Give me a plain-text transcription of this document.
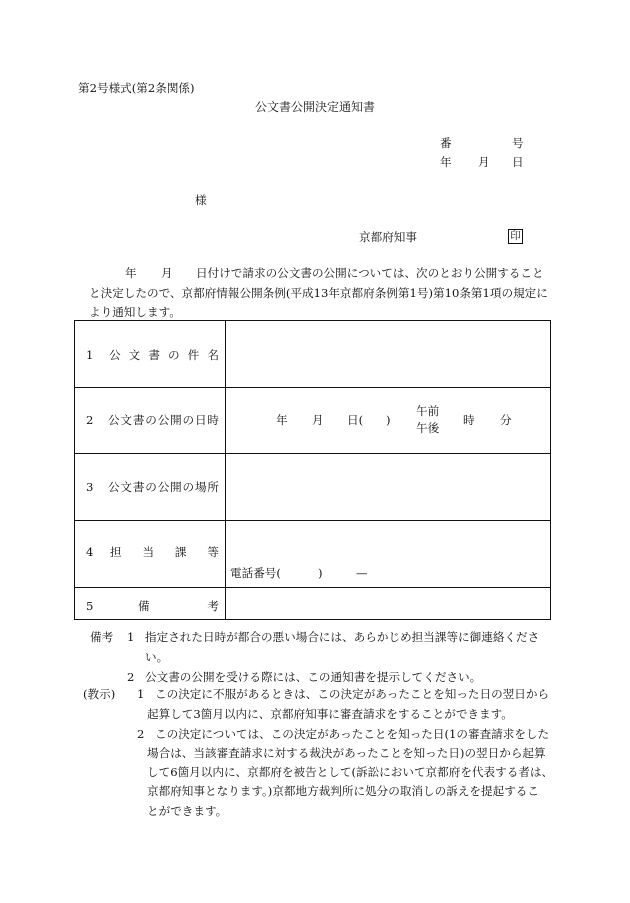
第2号様式(第2条関係)
公文書公開決定通知書
番	号
年 月 日
様
京都府知事	印
年 月 日付けで請求の公文書の公開については、次のとおり公開すること
と決定したので、京都府情報公開条例(平成13年京都府条例第1号)第10条第1項の規定に
より通知します。
1 公 文 書 の 件 名
2 公 文 書 の 公 開 の 日 時	年 月 日( )
午前
午後
時 分
3 公 文 書 の 公 開 の 場 所
4 担 当 課 等
電話番号(	)	—
5	備	考
備考 1 指定された日時が都合の悪い場合には、あらかじめ担当課等に御連絡くださ
い。
2 公文書の公開を受ける際には、この通知書を提示してください。
(教示) 1 この決定に不服があるときは、この決定があったことを知った日の翌日から
起算して3箇月以内に、京都府知事に審査請求をすることができます。
2 この決定については、この決定があったことを知った日(1の審査請求をした
場合は、当該審査請求に対する裁決があったことを知った日)の翌日から起算
して6箇月以内に、京都府を被告として(訴訟において京都府を代表する者は、
京都府知事となります。)京都地方裁判所に処分の取消しの訴えを提起するこ
とができます。
